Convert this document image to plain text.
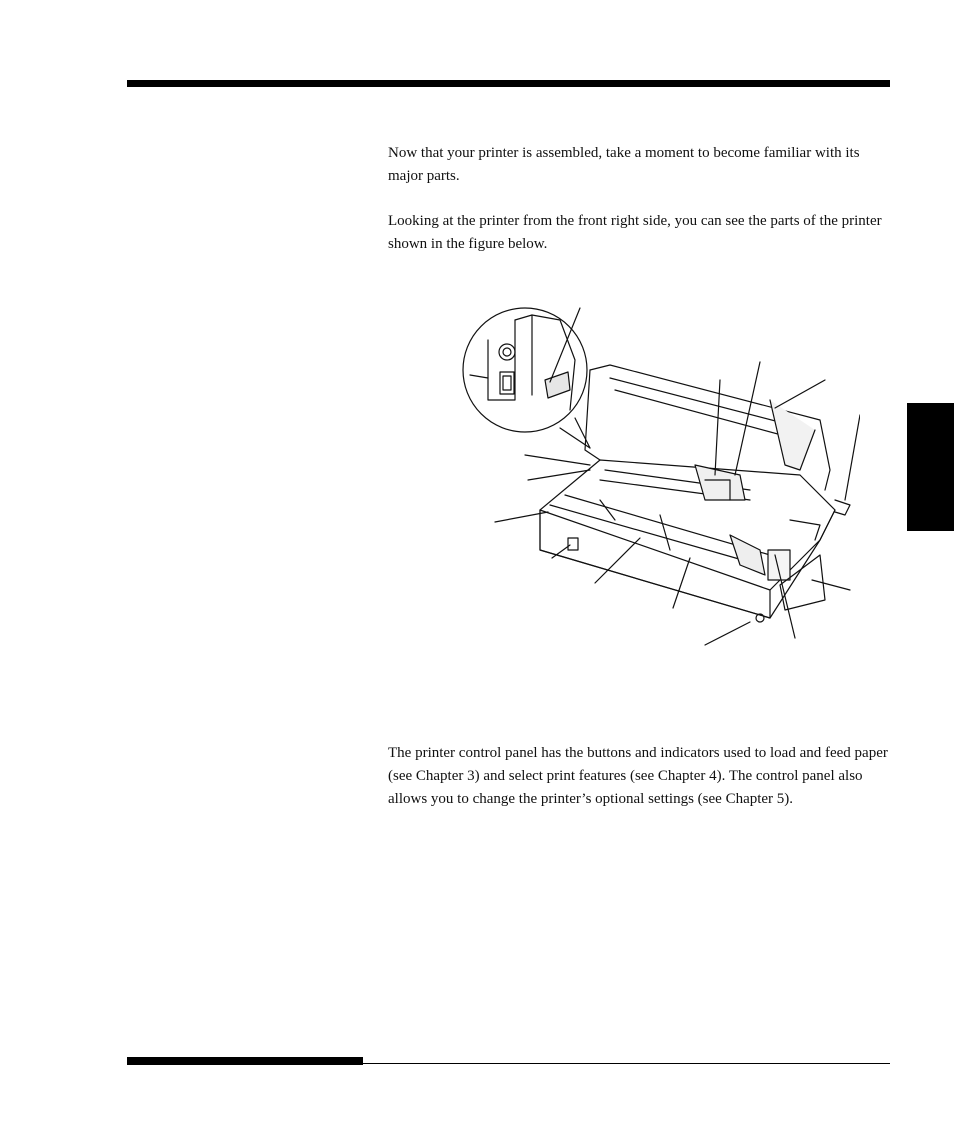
Now that your printer is assembled, take a moment to become familiar with its major parts.

Looking at the printer from the front right side, you can see the parts of the printer shown in the figure below.

The printer control panel has the buttons and indicators used to load and feed paper (see Chapter 3) and select print features (see Chapter 4). The control panel also allows you to change the printer’s optional settings (see Chapter 5).
